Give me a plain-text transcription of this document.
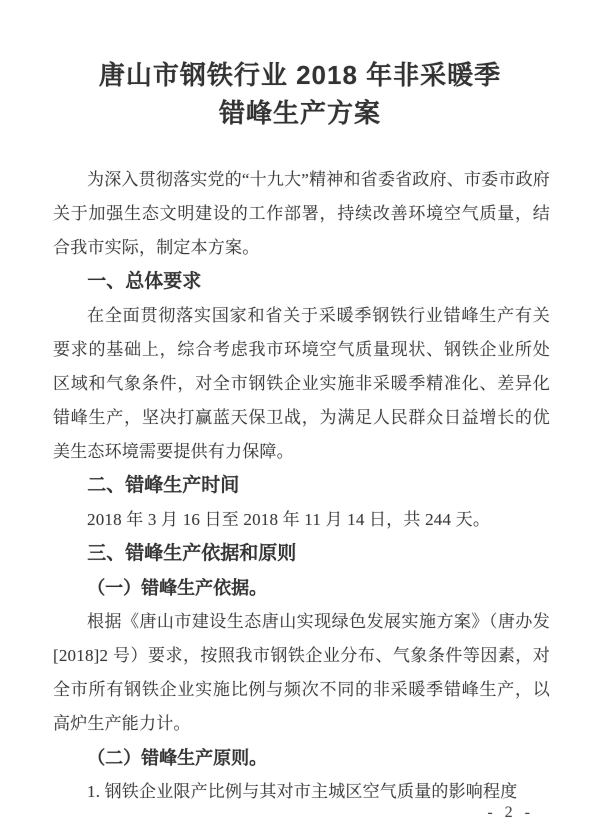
唐山市钢铁行业 2018 年非采暖季
错峰生产方案
为深入贯彻落实党的“十九大”精神和省委省政府、市委市政府关于加强生态文明建设的工作部署，持续改善环境空气质量，结合我市实际，制定本方案。
一、总体要求
在全面贯彻落实国家和省关于采暖季钢铁行业错峰生产有关要求的基础上，综合考虑我市环境空气质量现状、钢铁企业所处区域和气象条件，对全市钢铁企业实施非采暖季精准化、差异化错峰生产，坚决打赢蓝天保卫战，为满足人民群众日益增长的优美生态环境需要提供有力保障。
二、错峰生产时间
2018 年 3 月 16 日至 2018 年 11 月 14 日，共 244 天。
三、错峰生产依据和原则
（一）错峰生产依据。
根据《唐山市建设生态唐山实现绿色发展实施方案》（唐办发[2018]2 号）要求，按照我市钢铁企业分布、气象条件等因素，对全市所有钢铁企业实施比例与频次不同的非采暖季错峰生产，以高炉生产能力计。
（二）错峰生产原则。
1. 钢铁企业限产比例与其对市主城区空气质量的影响程度
- 2 -
